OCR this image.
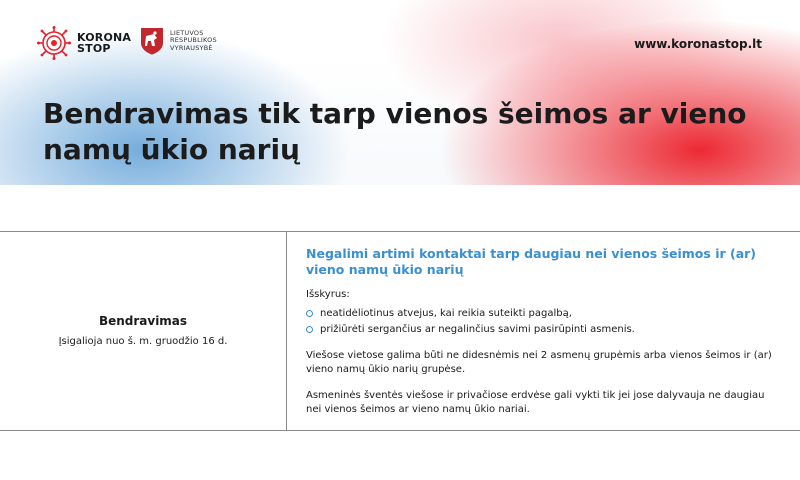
KORONA
STOP
LIETUVOS
RESPUBLIKOS
VYRIAUSYBĖ	www.koronastop.lt
Bendravimas tik tarp vienos šeimos ar vieno namų ūkio narių
Bendravimas
Įsigalioja nuo š. m. gruodžio 16 d.

Negalimi artimi kontaktai tarp daugiau nei vienos šeimos ir (ar) vieno namų ūkio narių

Išskyrus:

neatidėliotinus atvejus, kai reikia suteikti pagalbą,
prižiūrėti sergančius ar negalinčius savimi pasirūpinti asmenis.

Viešose vietose galima būti ne didesnėmis nei 2 asmenų grupėmis arba vienos šeimos ir (ar) vieno namų ūkio narių grupėse.

Asmeninės šventės viešose ir privačiose erdvėse gali vykti tik jei jose dalyvauja ne daugiau nei vienos šeimos ar vieno namų ūkio nariai.
